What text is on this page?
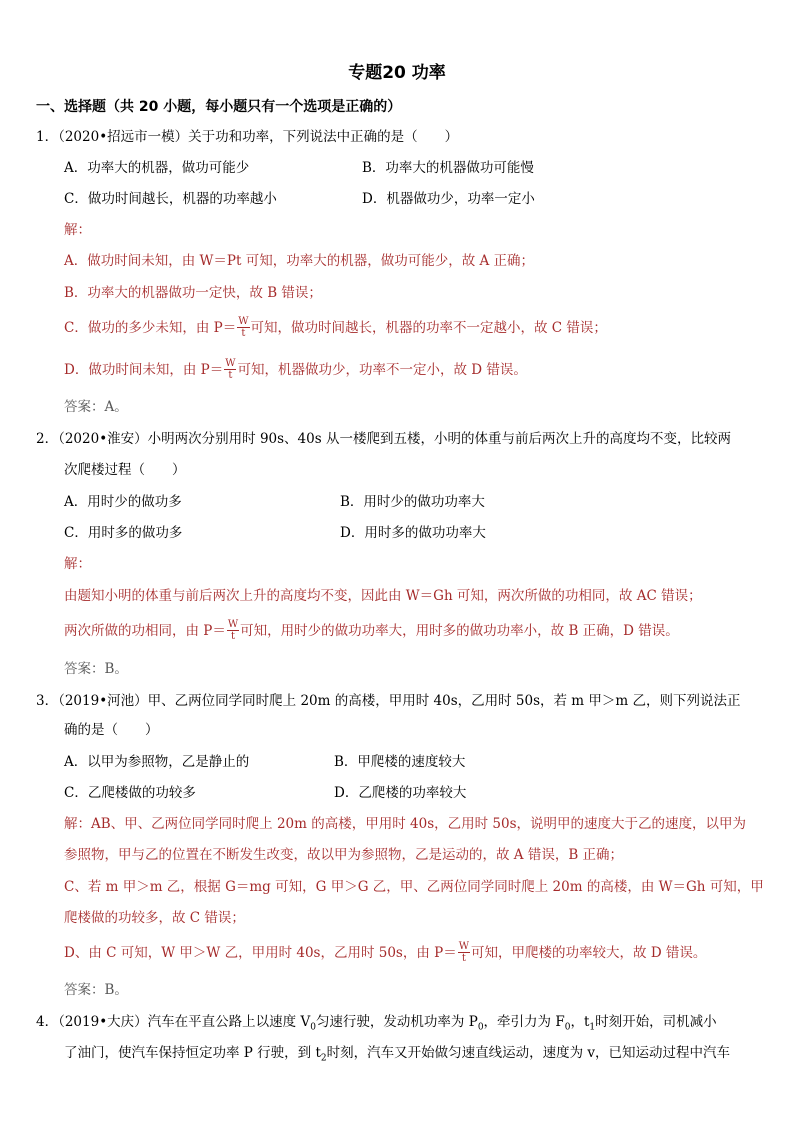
专题20 功率
一、选择题（共 20 小题，每小题只有一个选项是正确的）
1．（2020•招远市一模）关于功和功率，下列说法中正确的是（　　）
A．功率大的机器，做功可能少	B．功率大的机器做功可能慢
C．做功时间越长，机器的功率越小	D．机器做功少，功率一定小
解：
A．做功时间未知，由 W＝Pt 可知，功率大的机器，做功可能少，故 A 正确；
B．功率大的机器做功一定快，故 B 错误；
C．做功的多少未知，由 $P= \frac{W}{t}$ 可知，做功时间越长，机器的功率不一定越小，故 C 错误；
D．做功时间未知，由 $P= \frac{W}{t}$ 可知，机器做功少，功率不一定小，故 D 错误。
答案：A。
2．（2020•淮安）小明两次分别用时 90s、40s 从一楼爬到五楼，小明的体重与前后两次上升的高度均不变，比较两
次爬楼过程（　　）
A．用时少的做功多	B．用时少的做功功率大
C．用时多的做功多	D．用时多的做功功率大
解：
由题知小明的体重与前后两次上升的高度均不变，因此由 W＝Gh 可知，两次所做的功相同，故 AC 错误；
两次所做的功相同，由 $P= \frac{W}{t}$ 可知，用时少的做功功率大，用时多的做功功率小，故 B 正确，D 错误。
答案：B。
3．（2019•河池）甲、乙两位同学同时爬上 20m 的高楼，甲用时 40s，乙用时 50s，若 m 甲＞m 乙，则下列说法正
确的是（　　）
A．以甲为参照物，乙是静止的	B．甲爬楼的速度较大
C．乙爬楼做的功较多	D．乙爬楼的功率较大
解：AB、甲、乙两位同学同时爬上 20m 的高楼，甲用时 40s，乙用时 50s，说明甲的速度大于乙的速度，以甲为
参照物，甲与乙的位置在不断发生改变，故以甲为参照物，乙是运动的，故 A 错误，B 正确；
C、若 m 甲＞m 乙，根据 G＝mg 可知，G 甲＞G 乙，甲、乙两位同学同时爬上 20m 的高楼，由 W＝Gh 可知，甲
爬楼做的功较多，故 C 错误；
D、由 C 可知，W 甲＞W 乙，甲用时 40s，乙用时 50s，由 $P= \frac{W}{t}$ 可知，甲爬楼的功率较大，故 D 错误。
答案：B。
4．（2019•大庆）汽车在平直公路上以速度 $V_0$匀速行驶，发动机功率为 $P_0$，牵引力为 $F_0$，$t_1$时刻开始，司机减小
了油门，使汽车保持恒定功率 P 行驶，到 $t_2$时刻，汽车又开始做匀速直线运动，速度为 v，已知运动过程中汽车
